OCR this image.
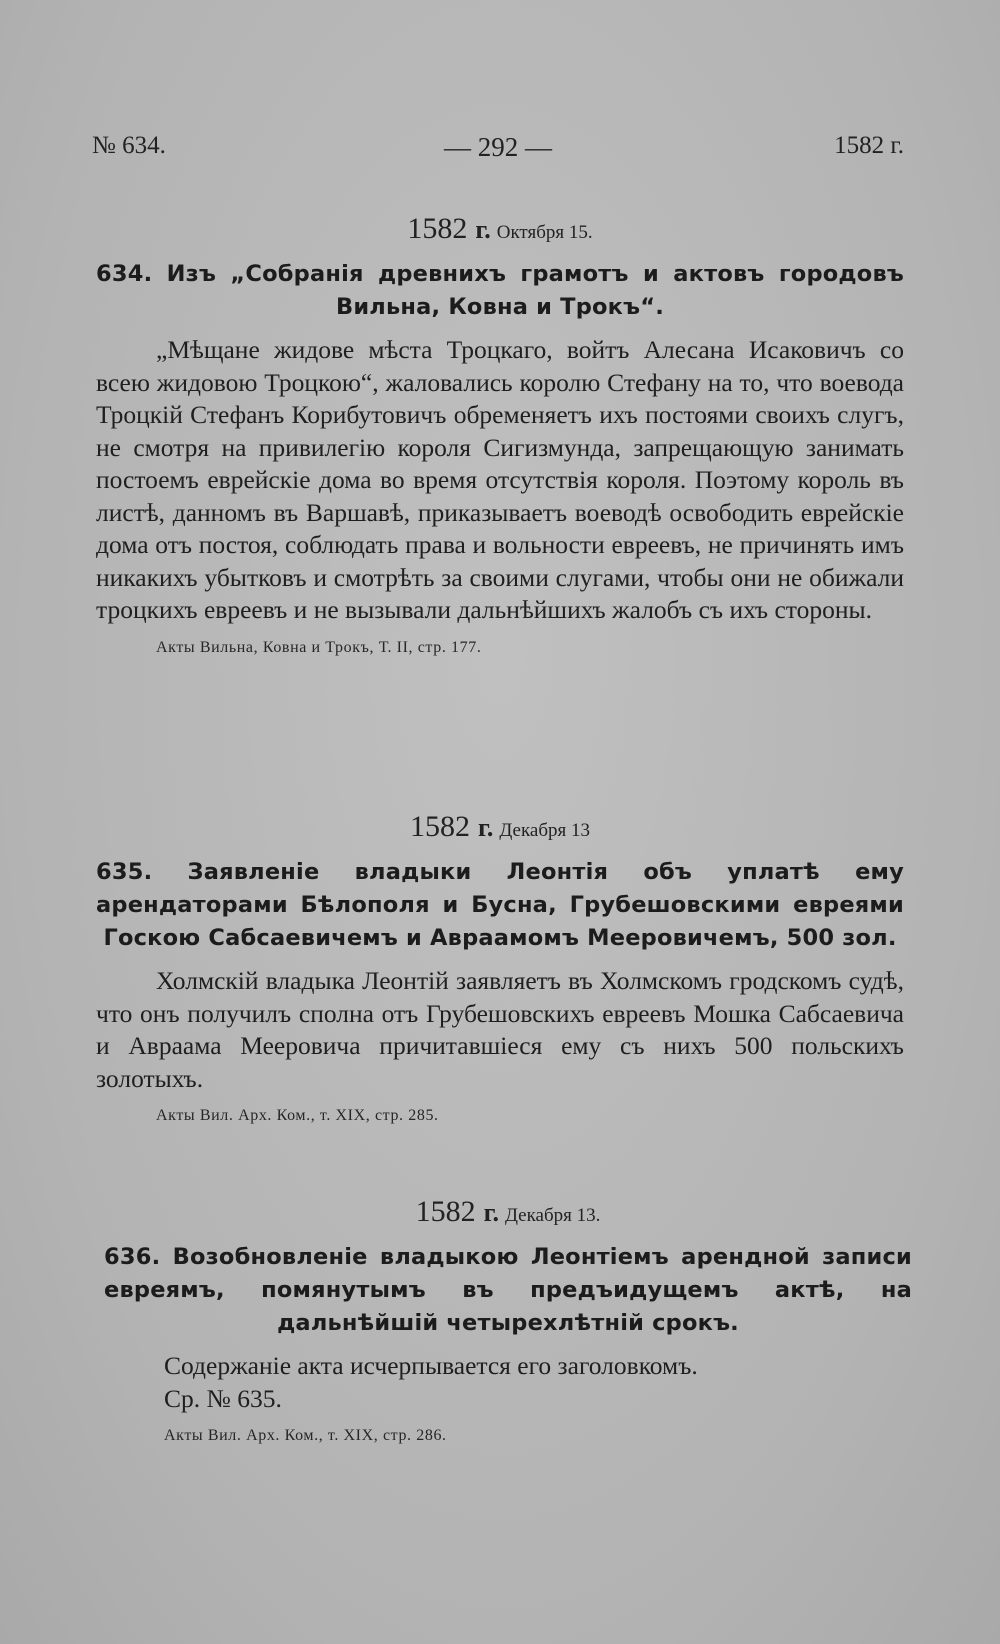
№ 634.	— 292 —	1582 г.
1582 г. Октября 15.
634. Изъ „Собранія древнихъ грамотъ и актовъ городовъ Вильна, Ковна и Трокъ“.
„Мѣщане жидове мѣста Троцкаго, войтъ Алесана Исаковичъ со всею жидовою Троцкою“, жаловались королю Стефану на то, что воевода Троцкій Стефанъ Корибутовичъ обременяетъ ихъ постоями своихъ слугъ, не смотря на привилегію короля Сигизмунда, запрещающую занимать постоемъ еврейскіе дома во время отсутствія короля. Поэтому король въ листѣ, данномъ въ Варшавѣ, приказываетъ воеводѣ освободить еврейскіе дома отъ постоя, соблюдать права и вольности евреевъ, не причинять имъ никакихъ убытковъ и смотрѣть за своими слугами, чтобы они не обижали троцкихъ евреевъ и не вызывали дальнѣйшихъ жалобъ съ ихъ стороны.
Акты Вильна, Ковна и Трокъ, Т. II, стр. 177.
1582 г. Декабря 13
635. Заявленіе владыки Леонтія объ уплатѣ ему арендаторами Бѣлополя и Бусна, Грубешовскими евреями Госкою Сабсаевичемъ и Авраамомъ Мееровичемъ, 500 зол.
Холмскій владыка Леонтій заявляетъ въ Холмскомъ гродскомъ судѣ, что онъ получилъ сполна отъ Грубешовскихъ евреевъ Мошка Сабсаевича и Авраама Мееровича причитавшіеся ему съ нихъ 500 польскихъ золотыхъ.
Акты Вил. Арх. Ком., т. XIX, стр. 285.
1582 г. Декабря 13.
636. Возобновленіе владыкою Леонтіемъ арендной записи евреямъ, помянутымъ въ предъидущемъ актѣ, на дальнѣйшій четырехлѣтній срокъ.
Содержаніе акта исчерпывается его заголовкомъ.
Ср. № 635.
Акты Вил. Арх. Ком., т. XIX, стр. 286.
